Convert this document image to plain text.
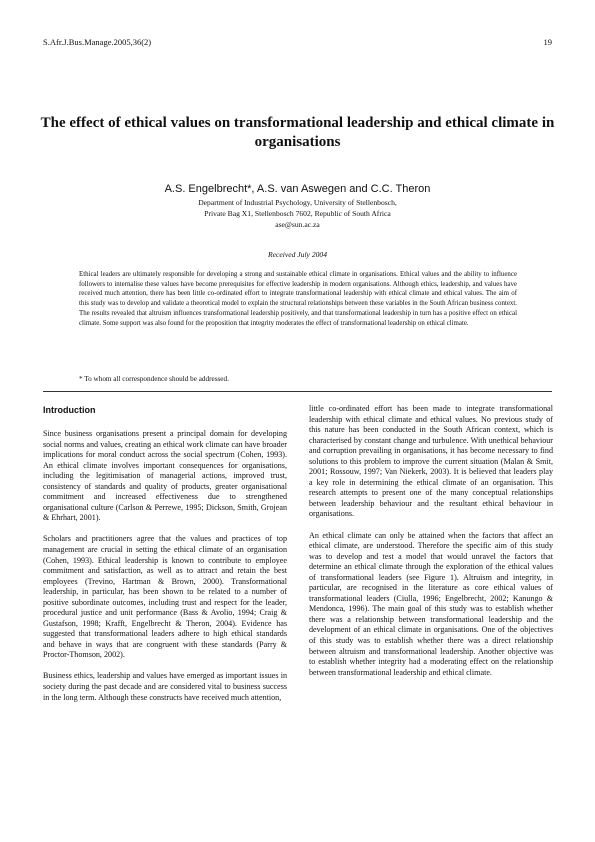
S.Afr.J.Bus.Manage.2005,36(2)	19
The effect of ethical values on transformational leadership and ethical climate in organisations
A.S. Engelbrecht*, A.S. van Aswegen and C.C. Theron
Department of Industrial Psychology, University of Stellenbosch,
Private Bag X1, Stellenbosch 7602, Republic of South Africa
ase@sun.ac.za
Received July 2004
Ethical leaders are ultimately responsible for developing a strong and sustainable ethical climate in organisations. Ethical values and the ability to influence followers to internalise these values have become prerequisites for effective leadership in modern organisations. Although ethics, leadership, and values have received much attention, there has been little co-ordinated effort to integrate transformational leadership with ethical climate and ethical values. The aim of this study was to develop and validate a theoretical model to explain the structural relationships between these variables in the South African business context. The results revealed that altruism influences transformational leadership positively, and that transformational leadership in turn has a positive effect on ethical climate. Some support was also found for the proposition that integrity moderates the effect of transformational leadership on ethical climate.
* To whom all correspondence should be addressed.
Introduction

Since business organisations present a principal domain for developing social norms and values, creating an ethical work climate can have broader implications for moral conduct across the social spectrum (Cohen, 1993). An ethical climate involves important consequences for organisations, including the legitimisation of managerial actions, improved trust, consistency of standards and quality of products, greater organisational commitment and increased effectiveness due to strengthened organisational culture (Carlson & Perrewe, 1995; Dickson, Smith, Grojean & Ehrhart, 2001).

Scholars and practitioners agree that the values and practices of top management are crucial in setting the ethical climate of an organisation (Cohen, 1993). Ethical leadership is known to contribute to employee commitment and satisfaction, as well as to attract and retain the best employees (Trevino, Hartman & Brown, 2000). Transformational leadership, in particular, has been shown to be related to a number of positive subordinate outcomes, including trust and respect for the leader, procedural justice and unit performance (Bass & Avolio, 1994; Craig & Gustafson, 1998; Krafft, Engelbrecht & Theron, 2004). Evidence has suggested that transformational leaders adhere to high ethical standards and behave in ways that are congruent with these standards (Parry & Proctor-Thomson, 2002).

Business ethics, leadership and values have emerged as important issues in society during the past decade and are considered vital to business success in the long term. Although these constructs have received much attention,

little co-ordinated effort has been made to integrate transformational leadership with ethical climate and ethical values. No previous study of this nature has been conducted in the South African context, which is characterised by constant change and turbulence. With unethical behaviour and corruption prevailing in organisations, it has become necessary to find solutions to this problem to improve the current situation (Malan & Smit, 2001; Rossouw, 1997; Van Niekerk, 2003). It is believed that leaders play a key role in determining the ethical climate of an organisation. This research attempts to present one of the many conceptual relationships between leadership behaviour and the resultant ethical behaviour in organisations.

An ethical climate can only be attained when the factors that affect an ethical climate, are understood. Therefore the specific aim of this study was to develop and test a model that would unravel the factors that determine an ethical climate through the exploration of the ethical values of transformational leaders (see Figure 1). Altruism and integrity, in particular, are recognised in the literature as core ethical values of transformational leaders (Ciulla, 1996; Engelbrecht, 2002; Kanungo & Mendonca, 1996). The main goal of this study was to establish whether there was a relationship between transformational leadership and the development of an ethical climate in organisations. One of the objectives of this study was to establish whether there was a direct relationship between altruism and transformational leadership. Another objective was to establish whether integrity had a moderating effect on the relationship between transformational leadership and ethical climate.
